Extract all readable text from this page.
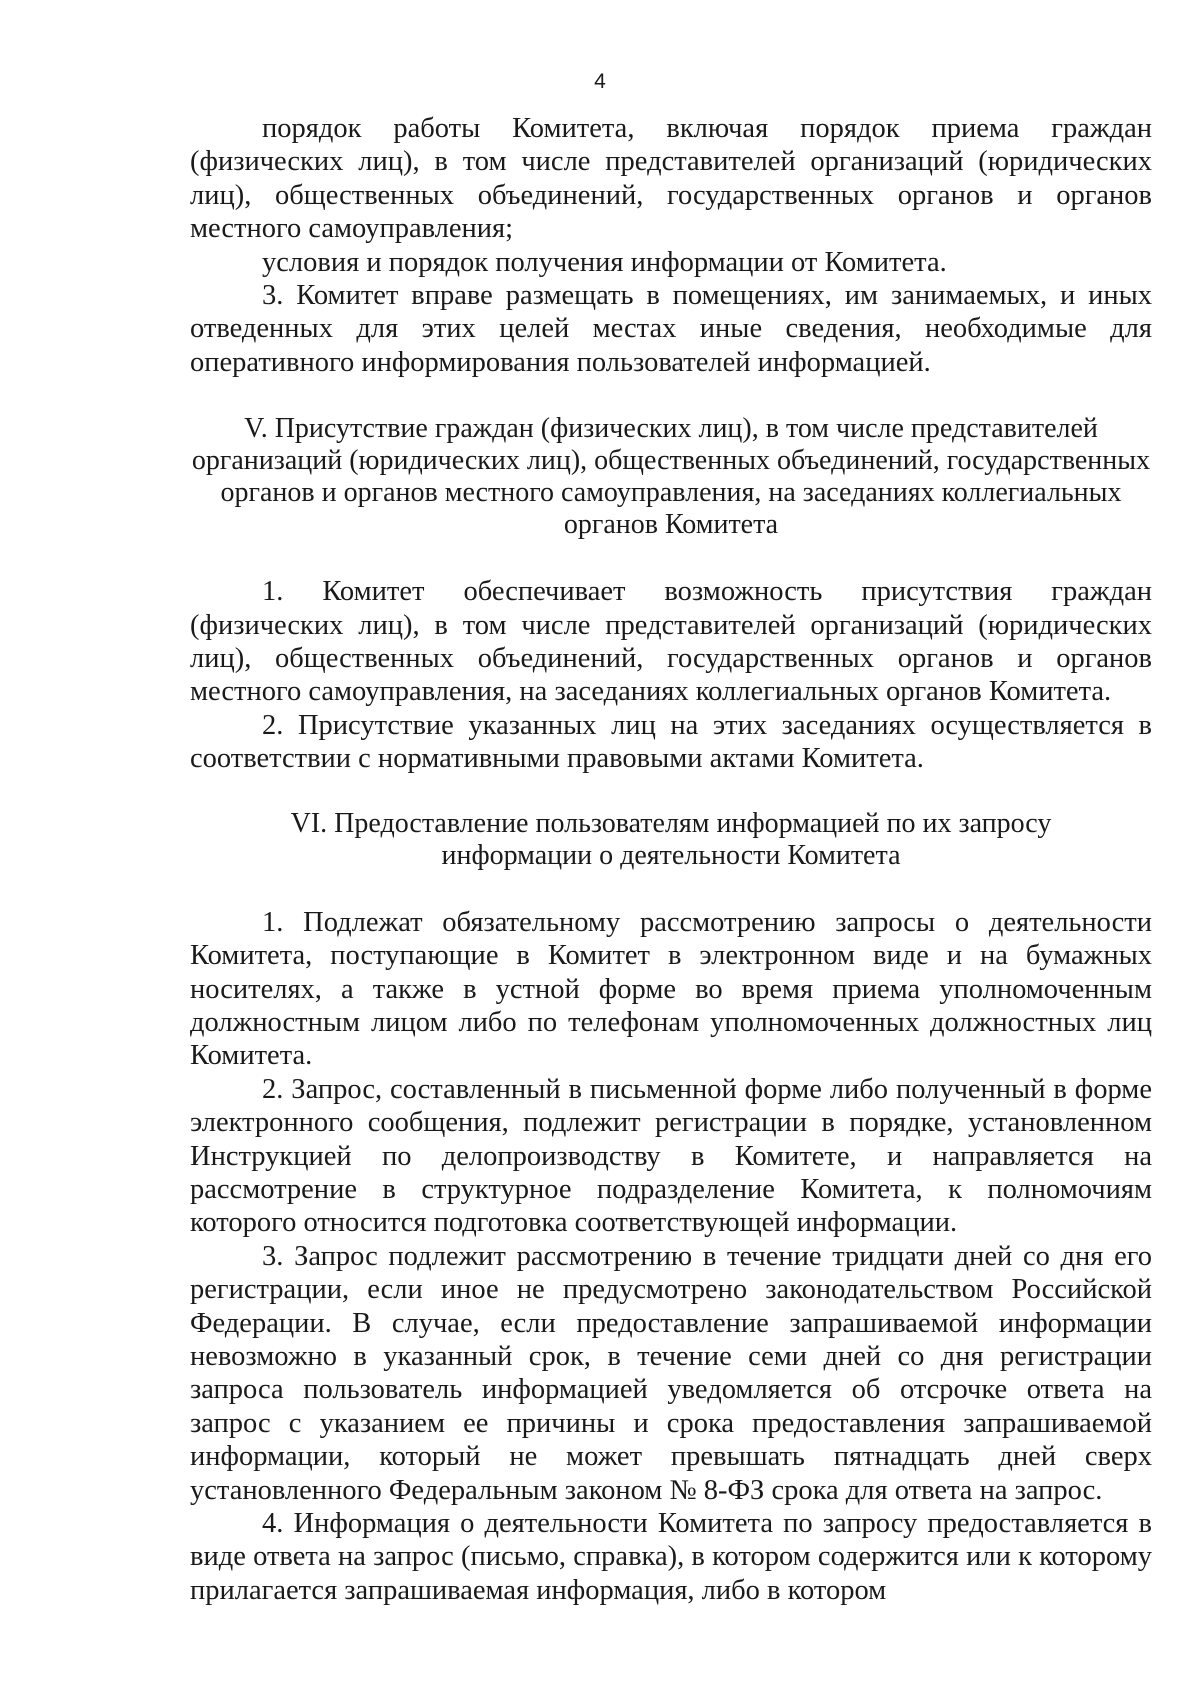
4

порядок работы Комитета, включая порядок приема граждан (физических лиц), в том числе представителей организаций (юридических лиц), общественных объединений, государственных органов и органов местного самоуправления;

условия и порядок получения информации от Комитета.

3. Комитет вправе размещать в помещениях, им занимаемых, и иных отведенных для этих целей местах иные сведения, необходимые для оперативного информирования пользователей информацией.

V. Присутствие граждан (физических лиц), в том числе представителей организаций (юридических лиц), общественных объединений, государственных органов и органов местного самоуправления, на заседаниях коллегиальных органов Комитета

1. Комитет обеспечивает возможность присутствия граждан (физических лиц), в том числе представителей организаций (юридических лиц), общественных объединений, государственных органов и органов местного самоуправления, на заседаниях коллегиальных органов Комитета.

2. Присутствие указанных лиц на этих заседаниях осуществляется в соответствии с нормативными правовыми актами Комитета.

VI. Предоставление пользователям информацией по их запросу информации о деятельности Комитета

1. Подлежат обязательному рассмотрению запросы о деятельности Комитета, поступающие в Комитет в электронном виде и на бумажных носителях, а также в устной форме во время приема уполномоченным должностным лицом либо по телефонам уполномоченных должностных лиц Комитета.

2. Запрос, составленный в письменной форме либо полученный в форме электронного сообщения, подлежит регистрации в порядке, установленном Инструкцией по делопроизводству в Комитете, и направляется на рассмотрение в структурное подразделение Комитета, к полномочиям которого относится подготовка соответствующей информации.

3. Запрос подлежит рассмотрению в течение тридцати дней со дня его регистрации, если иное не предусмотрено законодательством Российской Федерации. В случае, если предоставление запрашиваемой информации невозможно в указанный срок, в течение семи дней со дня регистрации запроса пользователь информацией уведомляется об отсрочке ответа на запрос с указанием ее причины и срока предоставления запрашиваемой информации, который не может превышать пятнадцать дней сверх установленного Федеральным законом № 8-ФЗ срока для ответа на запрос.

4. Информация о деятельности Комитета по запросу предоставляется в виде ответа на запрос (письмо, справка), в котором содержится или к которому прилагается запрашиваемая информация, либо в котором
